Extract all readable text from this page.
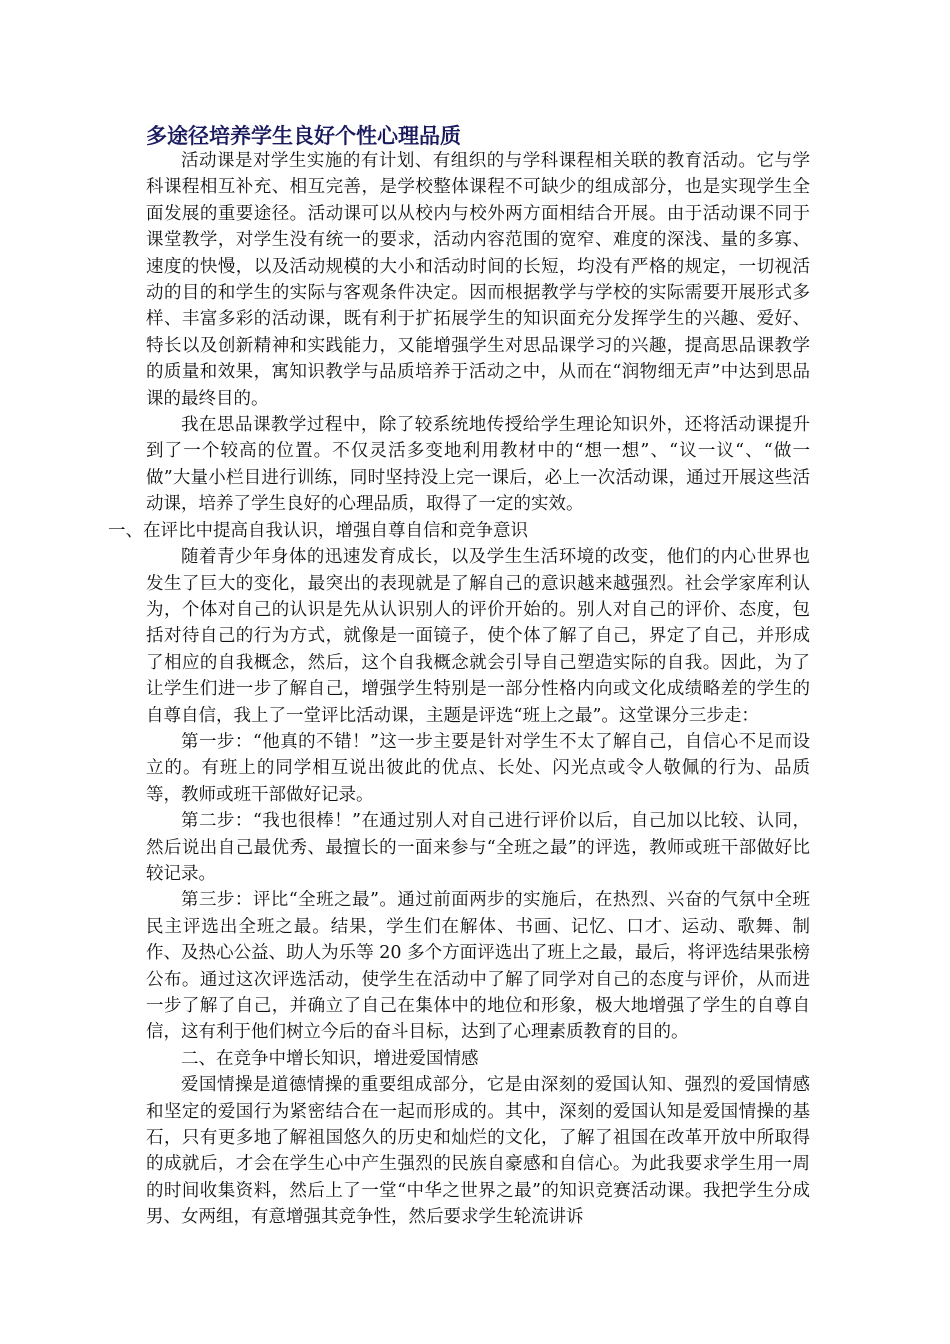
多途径培养学生良好个性心理品质

活动课是对学生实施的有计划、有组织的与学科课程相关联的教育活动。它与学科课程相互补充、相互完善，是学校整体课程不可缺少的组成部分，也是实现学生全面发展的重要途径。活动课可以从校内与校外两方面相结合开展。由于活动课不同于课堂教学，对学生没有统一的要求，活动内容范围的宽窄、难度的深浅、量的多寡、速度的快慢，以及活动规模的大小和活动时间的长短，均没有严格的规定，一切视活动的目的和学生的实际与客观条件决定。因而根据教学与学校的实际需要开展形式多样、丰富多彩的活动课，既有利于扩拓展学生的知识面充分发挥学生的兴趣、爱好、特长以及创新精神和实践能力，又能增强学生对思品课学习的兴趣，提高思品课教学的质量和效果，寓知识教学与品质培养于活动之中，从而在“润物细无声”中达到思品课的最终目的。

我在思品课教学过程中，除了较系统地传授给学生理论知识外，还将活动课提升到了一个较高的位置。不仅灵活多变地利用教材中的“想一想”、“议一议“、“做一做”大量小栏目进行训练，同时坚持没上完一课后，必上一次活动课，通过开展这些活动课，培养了学生良好的心理品质，取得了一定的实效。

一、在评比中提高自我认识，增强自尊自信和竞争意识

随着青少年身体的迅速发育成长，以及学生生活环境的改变，他们的内心世界也发生了巨大的变化，最突出的表现就是了解自己的意识越来越强烈。社会学家库利认为，个体对自己的认识是先从认识别人的评价开始的。别人对自己的评价、态度，包括对待自己的行为方式，就像是一面镜子，使个体了解了自己，界定了自己，并形成了相应的自我概念，然后，这个自我概念就会引导自己塑造实际的自我。因此，为了让学生们进一步了解自己，增强学生特别是一部分性格内向或文化成绩略差的学生的自尊自信，我上了一堂评比活动课，主题是评选“班上之最”。这堂课分三步走：

第一步：“他真的不错！”这一步主要是针对学生不太了解自己，自信心不足而设立的。有班上的同学相互说出彼此的优点、长处、闪光点或令人敬佩的行为、品质等，教师或班干部做好记录。

第二步：“我也很棒！”在通过别人对自己进行评价以后，自己加以比较、认同，然后说出自己最优秀、最擅长的一面来参与“全班之最”的评选，教师或班干部做好比较记录。

第三步：评比“全班之最”。通过前面两步的实施后，在热烈、兴奋的气氛中全班民主评选出全班之最。结果，学生们在解体、书画、记忆、口才、运动、歌舞、制作、及热心公益、助人为乐等 20 多个方面评选出了班上之最，最后，将评选结果张榜公布。通过这次评选活动，使学生在活动中了解了同学对自己的态度与评价，从而进一步了解了自己，并确立了自己在集体中的地位和形象，极大地增强了学生的自尊自信，这有利于他们树立今后的奋斗目标，达到了心理素质教育的目的。

二、在竞争中增长知识，增进爱国情感

爱国情操是道德情操的重要组成部分，它是由深刻的爱国认知、强烈的爱国情感和坚定的爱国行为紧密结合在一起而形成的。其中，深刻的爱国认知是爱国情操的基石，只有更多地了解祖国悠久的历史和灿烂的文化，了解了祖国在改革开放中所取得的成就后，才会在学生心中产生强烈的民族自豪感和自信心。为此我要求学生用一周的时间收集资料，然后上了一堂“中华之世界之最”的知识竞赛活动课。我把学生分成男、女两组，有意增强其竞争性，然后要求学生轮流讲诉
